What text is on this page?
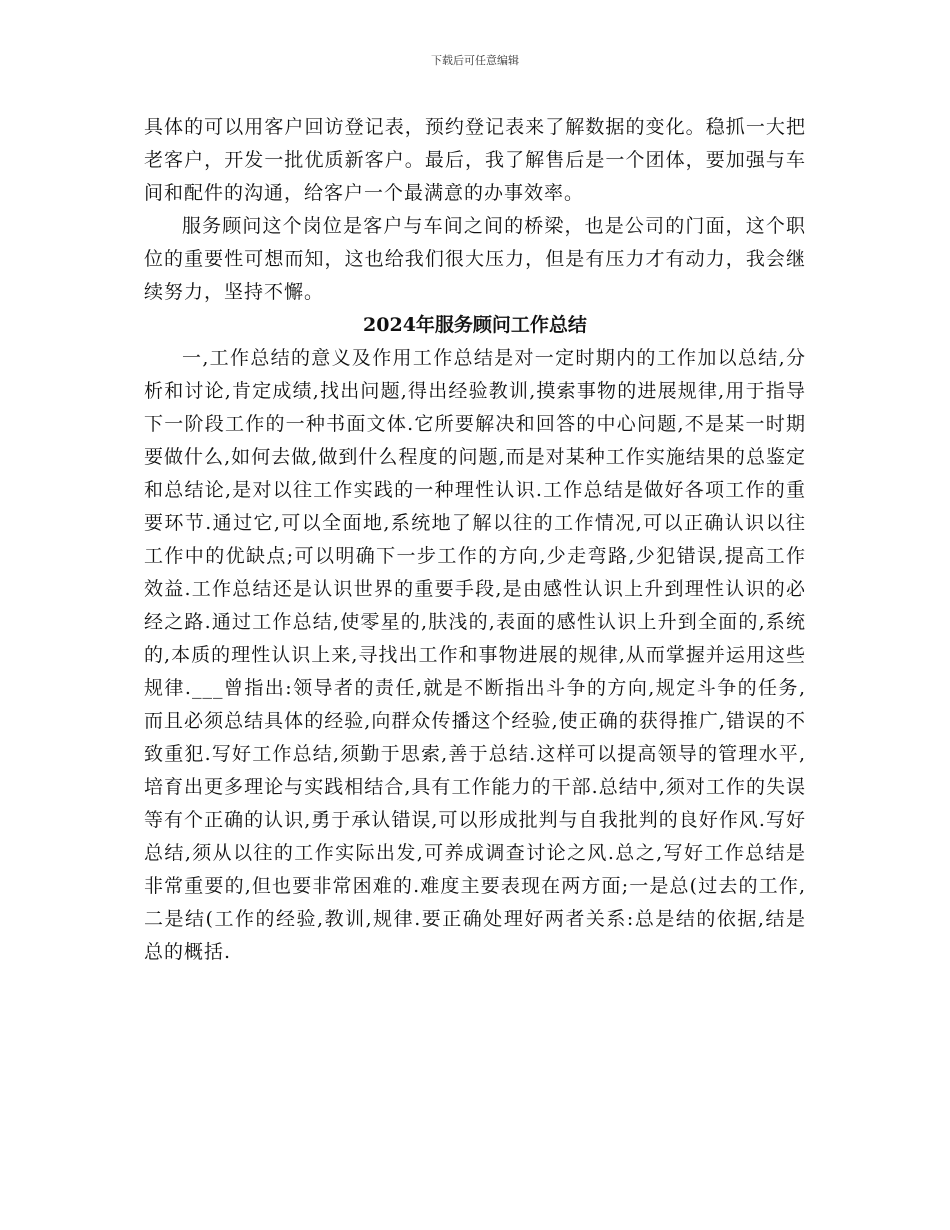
下载后可任意编辑

具体的可以用客户回访登记表，预约登记表来了解数据的变化。稳抓一大把老客户，开发一批优质新客户。最后，我了解售后是一个团体，要加强与车间和配件的沟通，给客户一个最满意的办事效率。

服务顾问这个岗位是客户与车间之间的桥梁，也是公司的门面，这个职位的重要性可想而知，这也给我们很大压力，但是有压力才有动力，我会继续努力，坚持不懈。

2024年服务顾问工作总结

一,工作总结的意义及作用工作总结是对一定时期内的工作加以总结,分析和讨论,肯定成绩,找出问题,得出经验教训,摸索事物的进展规律,用于指导下一阶段工作的一种书面文体.它所要解决和回答的中心问题,不是某一时期要做什么,如何去做,做到什么程度的问题,而是对某种工作实施结果的总鉴定和总结论,是对以往工作实践的一种理性认识.工作总结是做好各项工作的重要环节.通过它,可以全面地,系统地了解以往的工作情况,可以正确认识以往工作中的优缺点;可以明确下一步工作的方向,少走弯路,少犯错误,提高工作效益.工作总结还是认识世界的重要手段,是由感性认识上升到理性认识的必经之路.通过工作总结,使零星的,肤浅的,表面的感性认识上升到全面的,系统的,本质的理性认识上来,寻找出工作和事物进展的规律,从而掌握并运用这些规律.___曾指出:领导者的责任,就是不断指出斗争的方向,规定斗争的任务,而且必须总结具体的经验,向群众传播这个经验,使正确的获得推广,错误的不致重犯.写好工作总结,须勤于思索,善于总结.这样可以提高领导的管理水平,培育出更多理论与实践相结合,具有工作能力的干部.总结中,须对工作的失误等有个正确的认识,勇于承认错误,可以形成批判与自我批判的良好作风.写好总结,须从以往的工作实际出发,可养成调查讨论之风.总之,写好工作总结是非常重要的,但也要非常困难的.难度主要表现在两方面;一是总(过去的工作,二是结(工作的经验,教训,规律.要正确处理好两者关系:总是结的依据,结是总的概括.
